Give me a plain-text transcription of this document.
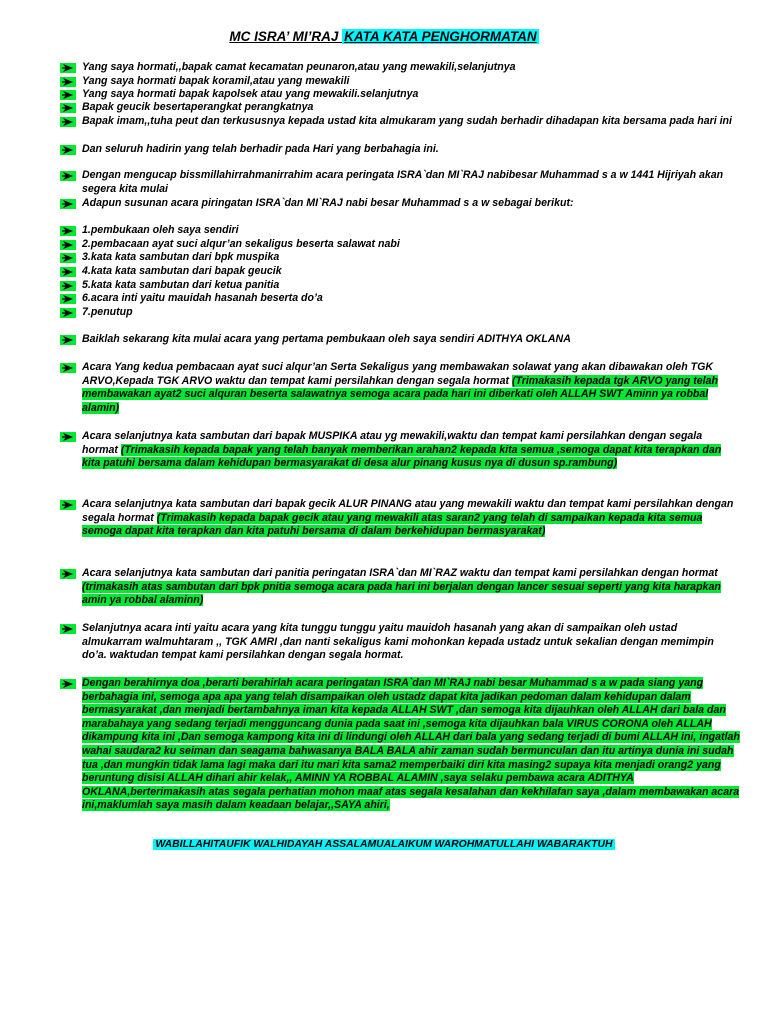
MC ISRA’ MI’RAJ KATA KATA PENGHORMATAN
Yang saya hormati,,bapak camat kecamatan peunaron,atau yang mewakili,selanjutnya
Yang saya hormati bapak koramil,atau yang mewakili
Yang saya hormati bapak kapolsek atau yang mewakili.selanjutnya
Bapak geucik besertaperangkat perangkatnya
Bapak imam,,tuha peut dan terkususnya kepada ustad kita almukaram yang sudah berhadir dihadapan kita bersama pada hari ini
Dan seluruh hadirin yang telah berhadir pada Hari yang berbahagia ini.
Dengan mengucap bissmillahirrahmanirrahim acara peringata ISRA`dan MI`RAJ nabibesar Muhammad s a w 1441 Hijriyah akan segera kita mulai
Adapun susunan acara piringatan ISRA`dan MI`RAJ nabi besar Muhammad s a w sebagai berikut:
1.pembukaan oleh saya sendiri
2.pembacaan ayat suci alqur’an sekaligus beserta salawat nabi
3.kata kata sambutan dari bpk muspika
4.kata kata sambutan dari bapak geucik
5.kata kata sambutan dari ketua panitia
6.acara inti yaitu mauidah hasanah beserta do’a
7.penutup
Baiklah sekarang kita mulai acara yang pertama pembukaan oleh saya sendiri ADITHYA OKLANA
Acara Yang kedua pembacaan ayat suci alqur’an Serta Sekaligus yang membawakan solawat yang akan dibawakan oleh TGK ARVO,Kepada TGK ARVO waktu dan tempat kami persilahkan dengan segala hormat (Trimakasih kepada tgk ARVO yang telah membawakan ayat2 suci alquran beserta salawatnya semoga acara pada hari ini diberkati oleh ALLAH SWT Aminn ya robbal alamin)
Acara selanjutnya kata sambutan dari bapak MUSPIKA atau yg mewakili,waktu dan tempat kami persilahkan dengan segala hormat (Trimakasih kepada bapak yang telah banyak memberikan arahan2 kepada kita semua ,semoga dapat kita terapkan dan kita patuhi bersama dalam kehidupan bermasyarakat di desa alur pinang kusus nya di dusun sp.rambung)
Acara selanjutnya kata sambutan dari bapak gecik ALUR PINANG atau yang mewakili waktu dan tempat kami persilahkan dengan segala hormat (Trimakasih kepada bapak gecik atau yang mewakili atas saran2 yang telah di sampaikan kepada kita semua semoga dapat kita terapkan dan kita patuhi bersama di dalam berkehidupan bermasyarakat)
Acara selanjutnya kata sambutan dari panitia peringatan ISRA`dan MI`RAZ waktu dan tempat kami persilahkan dengan hormat (trimakasih atas sambutan dari bpk pnitia semoga acara pada hari ini berjalan dengan lancer sesuai seperti yang kita harapkan amin ya robbal alaminn)
Selanjutnya acara inti yaitu acara yang kita tunggu tunggu yaitu mauidoh hasanah yang akan di sampaikan oleh ustad almukarram walmuhtaram ,, TGK AMRI ,dan nanti sekaligus kami mohonkan kepada ustadz untuk sekalian dengan memimpin do’a. waktudan tempat kami persilahkan dengan segala hormat.
Dengan berahirnya doa ,berarti berahirlah acara peringatan ISRA`dan MI`RAJ nabi besar Muhammad s a w pada siang yang berbahagia ini, semoga apa apa yang telah disampaikan oleh ustadz dapat kita jadikan pedoman dalam kehidupan dalam bermasyarakat ,dan menjadi bertambahnya iman kita kepada ALLAH SWT ,dan semoga kita dijauhkan oleh ALLAH dari bala dan marabahaya yang sedang terjadi mengguncang dunia pada saat ini ,semoga kita dijauhkan bala VIRUS CORONA oleh ALLAH dikampung kita ini ,Dan semoga kampong kita ini di lindungi oleh ALLAH dari bala yang sedang terjadi di bumi ALLAH ini, ingatlah wahai saudara2 ku seiman dan seagama bahwasanya BALA BALA ahir zaman sudah bermunculan dan itu artinya dunia ini sudah tua ,dan mungkin tidak lama lagi maka dari itu mari kita sama2 memperbaiki diri kita masing2 supaya kita menjadi orang2 yang beruntung disisi ALLAH dihari ahir kelak,, AMINN YA ROBBAL ALAMIN ,saya selaku pembawa acara ADITHYA OKLANA,berterimakasih atas segala perhatian mohon maaf atas segala kesalahan dan kekhilafan saya ,dalam membawakan acara ini,maklumlah saya masih dalam keadaan belajar,,SAYA ahiri,
WABILLAHITAUFIK WALHIDAYAH ASSALAMUALAIKUM WAROHMATULLAHI WABARAKTUH
